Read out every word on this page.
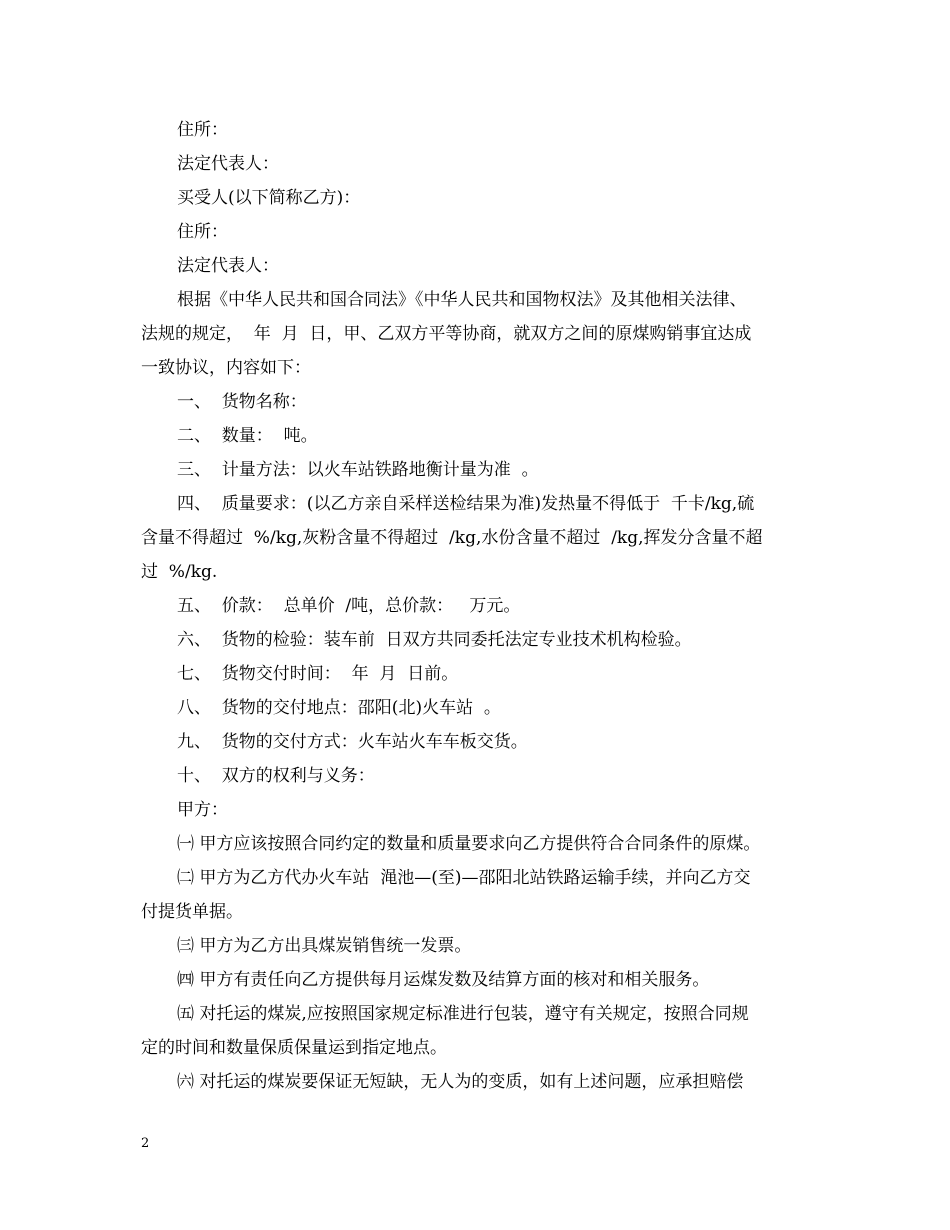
住所：
法定代表人：
买受人(以下简称乙方)：
住所：
法定代表人：
根据《中华人民共和国合同法》《中华人民共和国物权法》及其他相关法律、
法规的规定，  年  月  日，甲、乙双方平等协商，就双方之间的原煤购销事宜达成
一致协议，内容如下：
一、  货物名称：
二、  数量：  吨。
三、  计量方法：以火车站铁路地衡计量为准  。
四、  质量要求：(以乙方亲自采样送检结果为准)发热量不得低于  千卡/kg,硫
含量不得超过  %/kg,灰粉含量不得超过  /kg,水份含量不超过  /kg,挥发分含量不超
过  %/kg.
五、  价款：  总单价  /吨，总价款：   万元。
六、  货物的检验：装车前  日双方共同委托法定专业技术机构检验。
七、  货物交付时间：  年  月  日前。
八、  货物的交付地点：邵阳(北)火车站  。
九、  货物的交付方式：火车站火车车板交货。
十、  双方的权利与义务：
甲方：
㈠ 甲方应该按照合同约定的数量和质量要求向乙方提供符合合同条件的原煤。
㈡ 甲方为乙方代办火车站  渑池—(至)—邵阳北站铁路运输手续，并向乙方交
付提货单据。
㈢ 甲方为乙方出具煤炭销售统一发票。
㈣ 甲方有责任向乙方提供每月运煤发数及结算方面的核对和相关服务。
㈤ 对托运的煤炭,应按照国家规定标准进行包装，遵守有关规定，按照合同规
定的时间和数量保质保量运到指定地点。
㈥ 对托运的煤炭要保证无短缺，无人为的变质，如有上述问题，应承担赔偿
2
